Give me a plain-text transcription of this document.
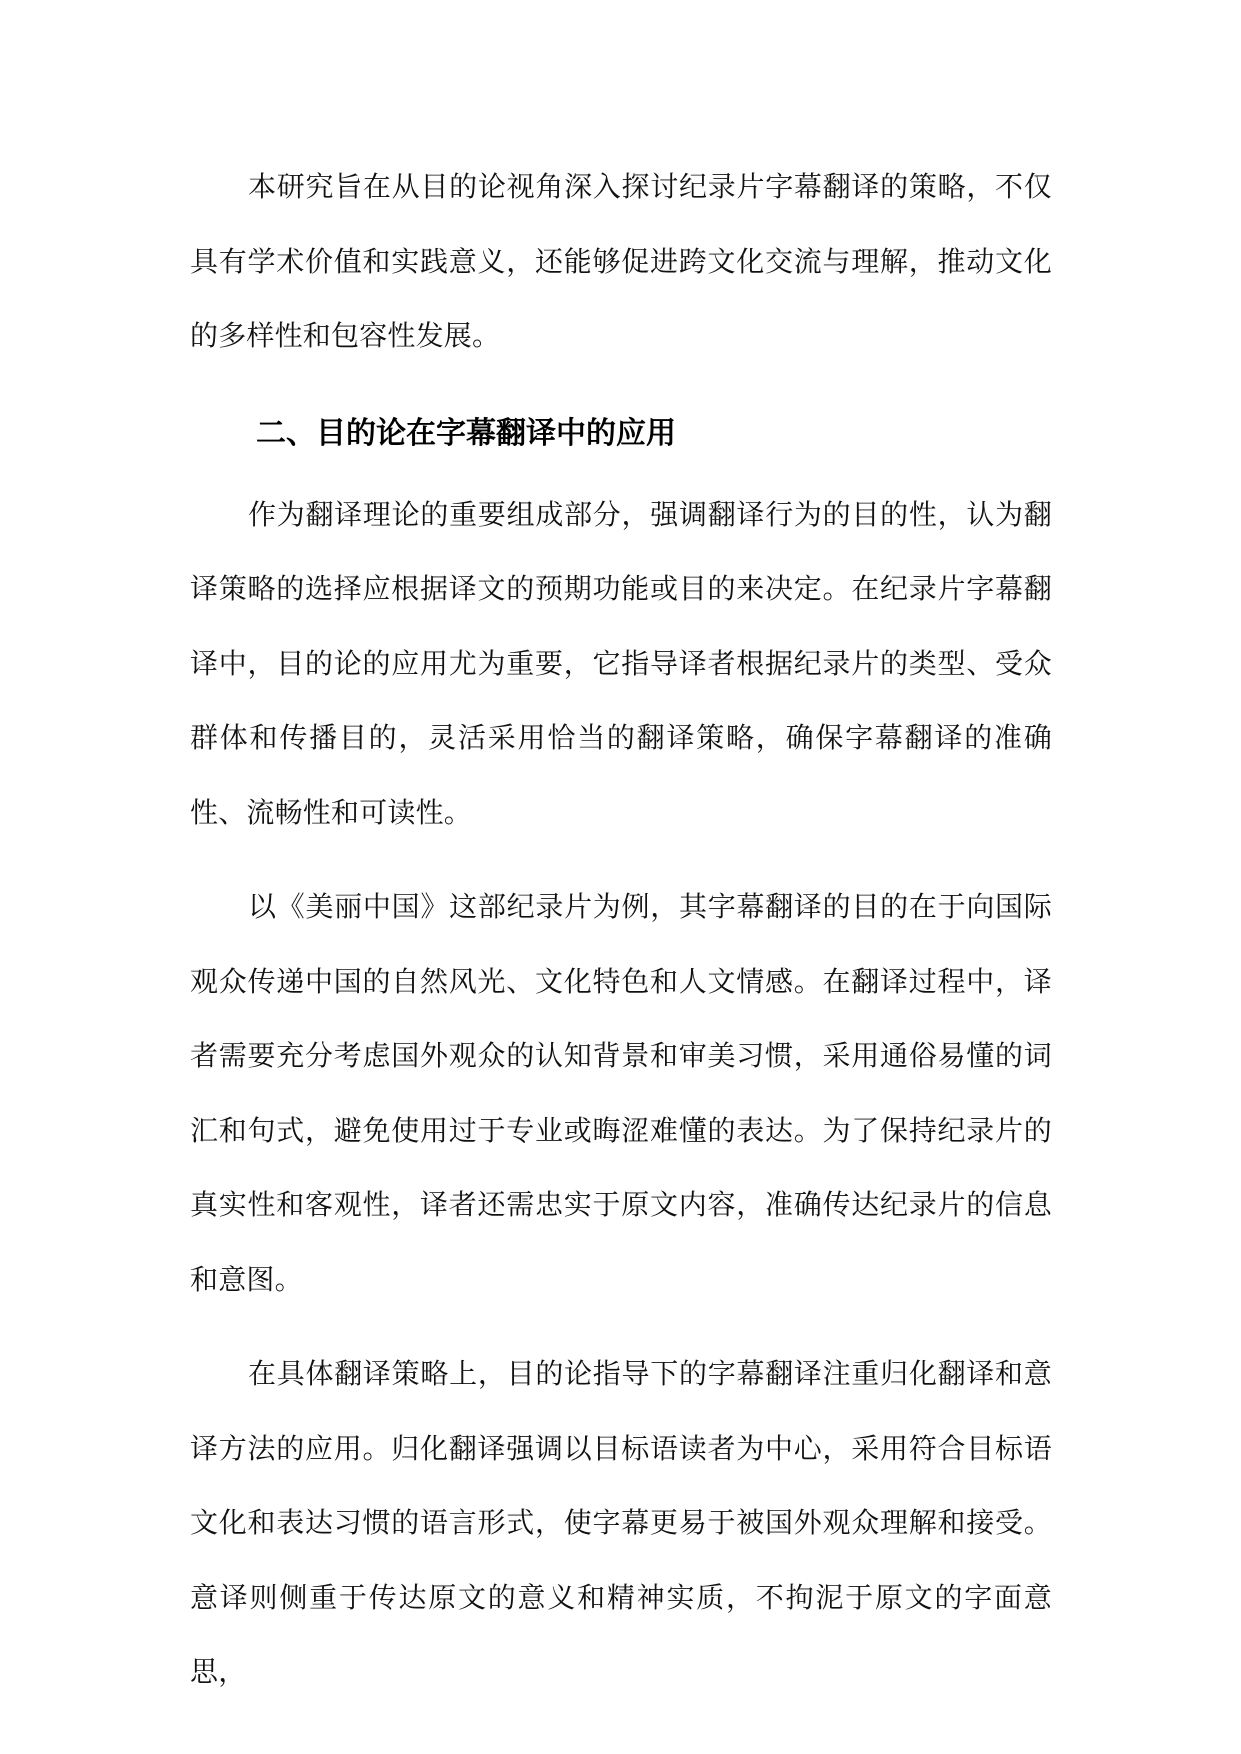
本研究旨在从目的论视角深入探讨纪录片字幕翻译的策略，不仅具有学术价值和实践意义，还能够促进跨文化交流与理解，推动文化的多样性和包容性发展。

二、目的论在字幕翻译中的应用

作为翻译理论的重要组成部分，强调翻译行为的目的性，认为翻译策略的选择应根据译文的预期功能或目的来决定。在纪录片字幕翻译中，目的论的应用尤为重要，它指导译者根据纪录片的类型、受众群体和传播目的，灵活采用恰当的翻译策略，确保字幕翻译的准确性、流畅性和可读性。

以《美丽中国》这部纪录片为例，其字幕翻译的目的在于向国际观众传递中国的自然风光、文化特色和人文情感。在翻译过程中，译者需要充分考虑国外观众的认知背景和审美习惯，采用通俗易懂的词汇和句式，避免使用过于专业或晦涩难懂的表达。为了保持纪录片的真实性和客观性，译者还需忠实于原文内容，准确传达纪录片的信息和意图。

在具体翻译策略上，目的论指导下的字幕翻译注重归化翻译和意译方法的应用。归化翻译强调以目标语读者为中心，采用符合目标语文化和表达习惯的语言形式，使字幕更易于被国外观众理解和接受。意译则侧重于传达原文的意义和精神实质，不拘泥于原文的字面意思，
